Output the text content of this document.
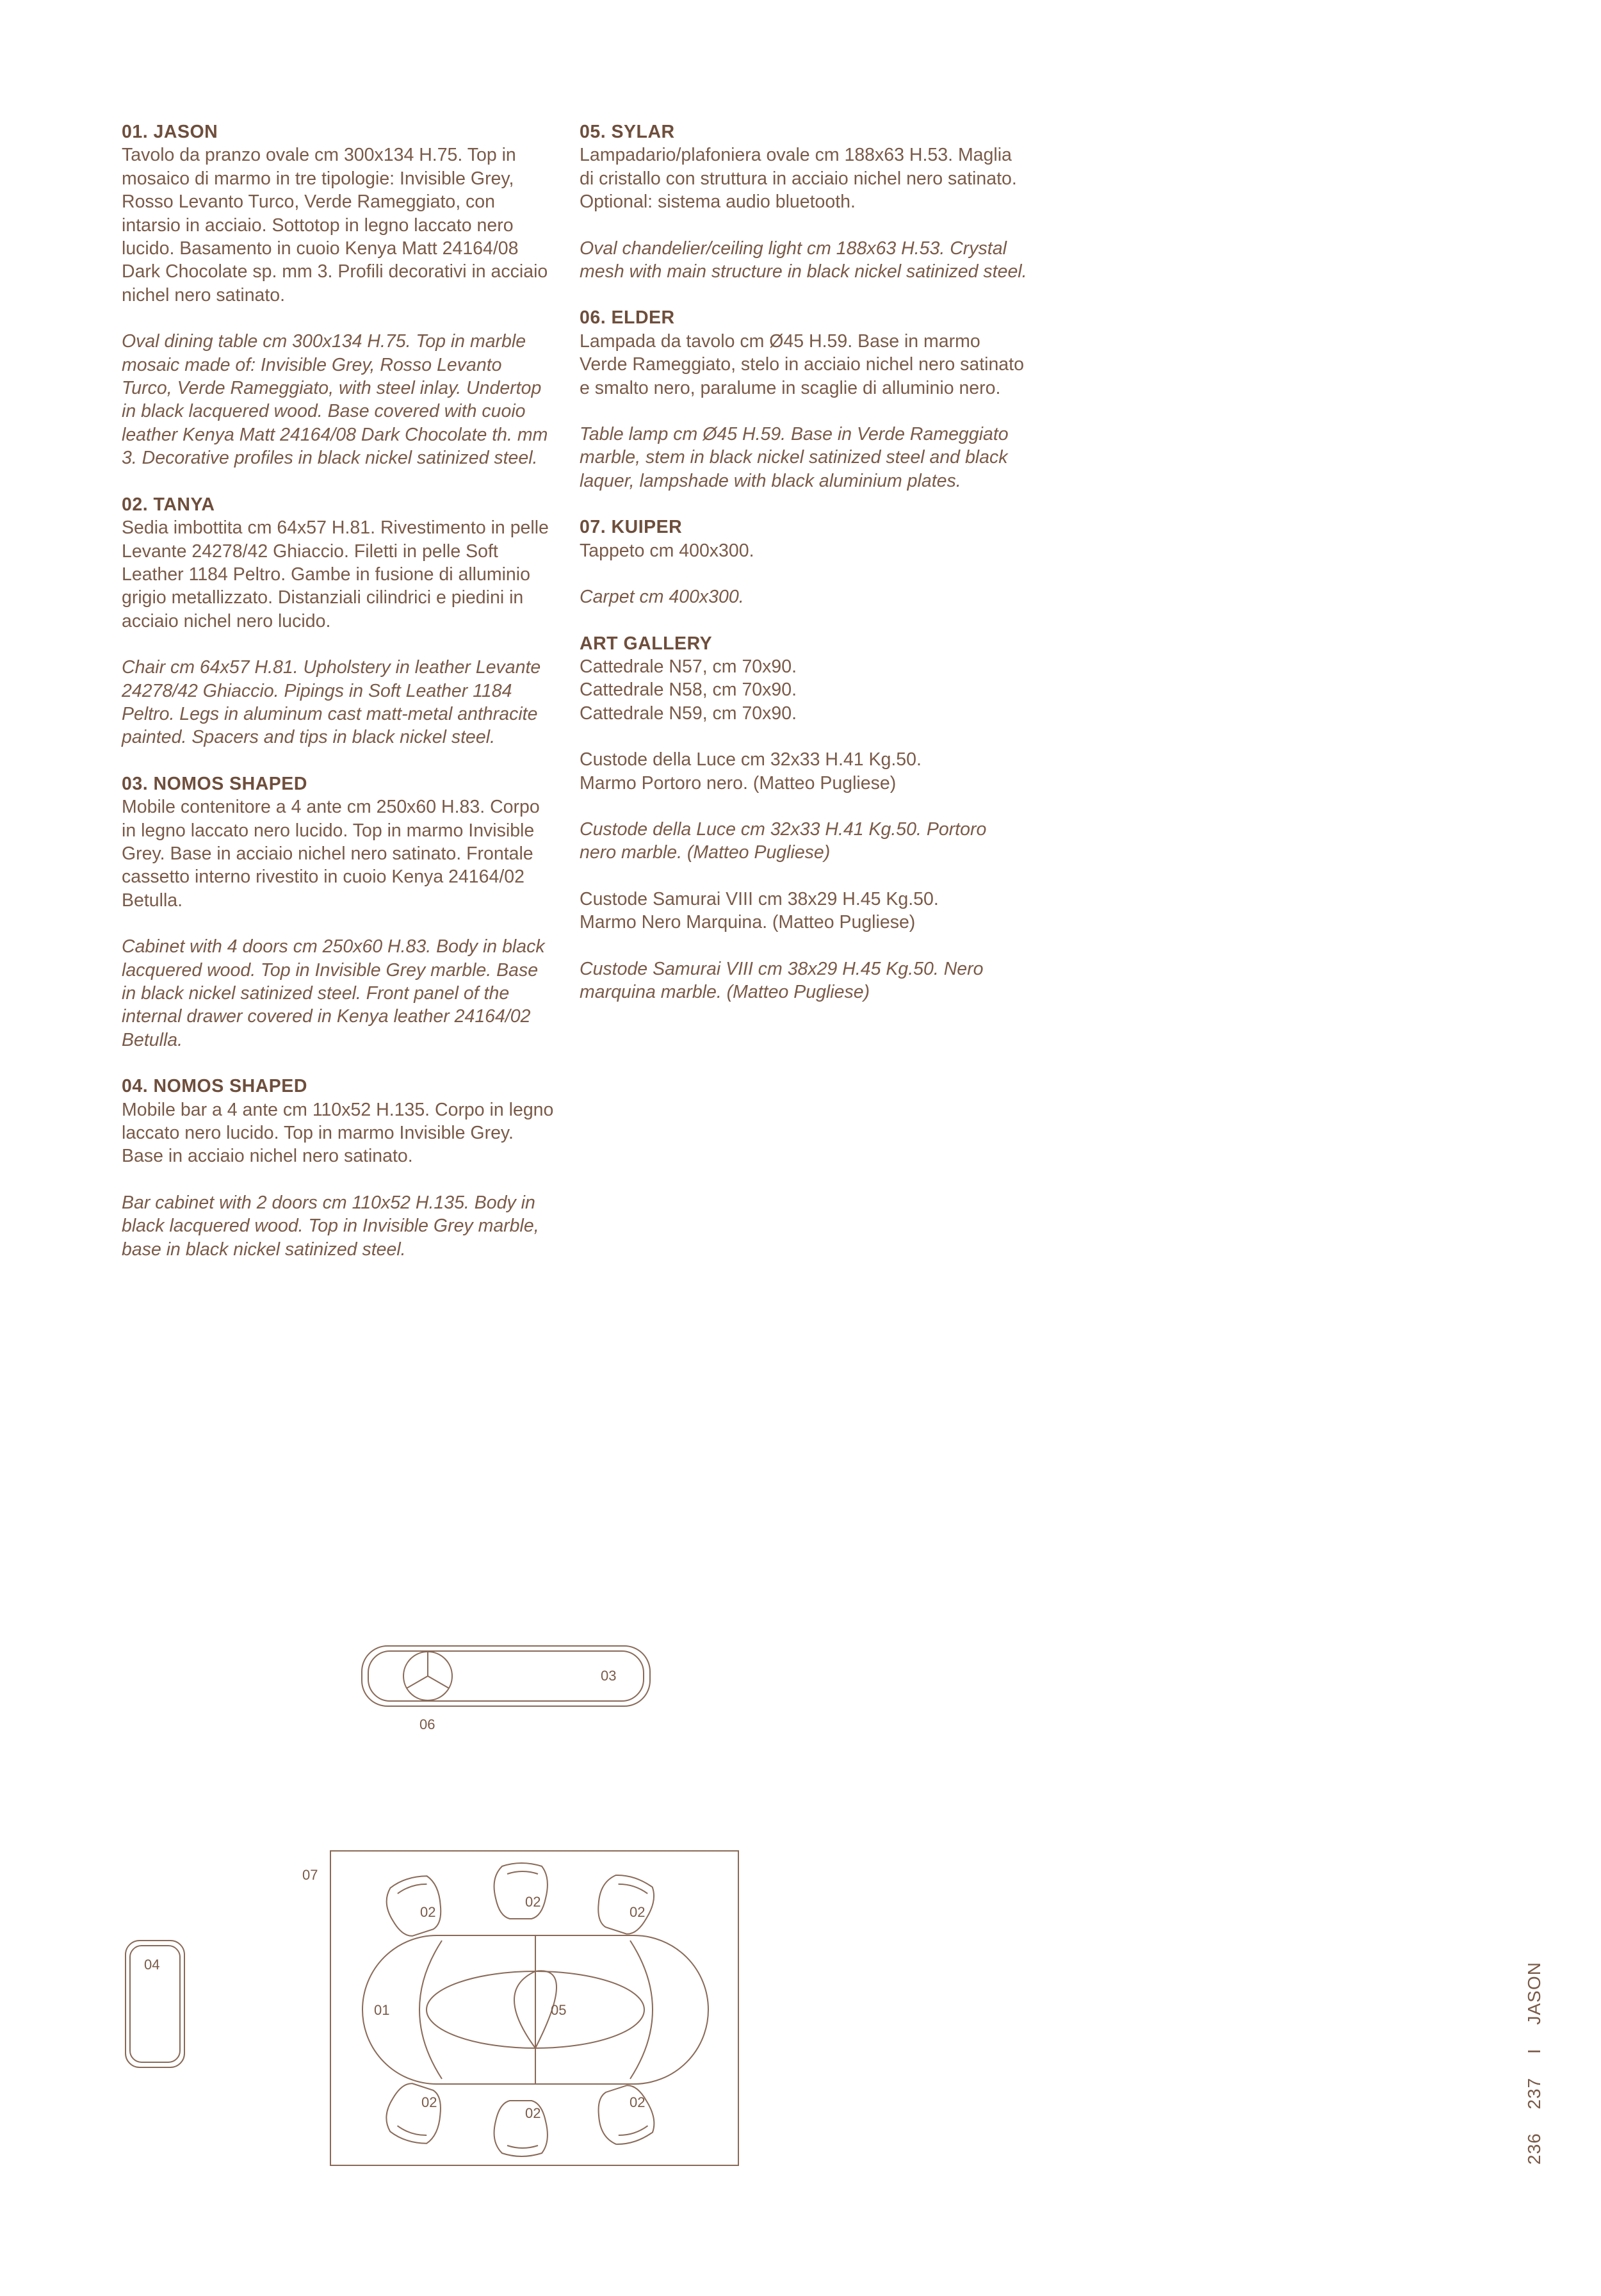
01. JASON

Tavolo da pranzo ovale cm 300x134 H.75. Top in mosaico di marmo in tre tipologie: Invisible Grey, Rosso Levanto Turco, Verde Rameggiato, con intarsio in acciaio. Sottotop in legno laccato nero lucido. Basamento in cuoio Kenya Matt 24164/08 Dark Chocolate sp. mm 3. Profili decorativi in acciaio nichel nero satinato.

Oval dining table cm 300x134 H.75. Top in marble mosaic made of: Invisible Grey, Rosso Levanto Turco, Verde Rameggiato, with steel inlay. Undertop in black lacquered wood. Base covered with cuoio leather Kenya Matt 24164/08 Dark Chocolate th. mm 3. Decorative profiles in black nickel satinized steel.

02. TANYA

Sedia imbottita cm 64x57 H.81. Rivestimento in pelle Levante 24278/42 Ghiaccio. Filetti in pelle Soft Leather 1184 Peltro. Gambe in fusione di alluminio grigio metallizzato. Distanziali cilindrici e piedini in acciaio nichel nero lucido.

Chair cm 64x57 H.81. Upholstery in leather Levante 24278/42 Ghiaccio. Pipings in Soft Leather 1184 Peltro. Legs in aluminum cast matt-metal anthracite painted. Spacers and tips in black nickel steel.

03. NOMOS SHAPED

Mobile contenitore a 4 ante cm 250x60 H.83. Corpo in legno laccato nero lucido. Top in marmo Invisible Grey. Base in acciaio nichel nero satinato. Frontale cassetto interno rivestito in cuoio Kenya 24164/02 Betulla.

Cabinet with 4 doors cm 250x60 H.83. Body in black lacquered wood. Top in Invisible Grey marble. Base in black nickel satinized steel. Front panel of the internal drawer covered in Kenya leather 24164/02 Betulla.

04. NOMOS SHAPED

Mobile bar a 4 ante cm 110x52 H.135. Corpo in legno laccato nero lucido. Top in marmo Invisible Grey. Base in acciaio nichel nero satinato.

Bar cabinet with 2 doors cm 110x52 H.135. Body in black lacquered wood. Top in Invisible Grey marble, base in black nickel satinized steel.

05. SYLAR

Lampadario/plafoniera ovale cm 188x63 H.53. Maglia di cristallo con struttura in acciaio nichel nero satinato. Optional: sistema audio bluetooth.

Oval chandelier/ceiling light cm 188x63 H.53. Crystal mesh with main structure in black nickel satinized steel.

06. ELDER

Lampada da tavolo cm Ø45 H.59. Base in marmo Verde Rameggiato, stelo in acciaio nichel nero satinato e smalto nero, paralume in scaglie di alluminio nero.

Table lamp cm Ø45 H.59. Base in Verde Rameggiato marble, stem in black nickel satinized steel and black laquer, lampshade with black aluminium plates.

07. KUIPER

Tappeto cm 400x300.

Carpet cm 400x300.

ART GALLERY

Cattedrale N57, cm 70x90.
Cattedrale N58, cm 70x90.
Cattedrale N59, cm 70x90.

Custode della Luce cm 32x33 H.41 Kg.50.
Marmo Portoro nero. (Matteo Pugliese)

Custode della Luce cm 32x33 H.41 Kg.50. Portoro nero marble. (Matteo Pugliese)

Custode Samurai VIII cm 38x29 H.45 Kg.50.
Marmo Nero Marquina. (Matteo Pugliese)

Custode Samurai VIII cm 38x29 H.45 Kg.50. Nero marquina marble. (Matteo Pugliese)

03
06
04
07
02
02
02
01	05
02
02
02
236 237 I JASON
